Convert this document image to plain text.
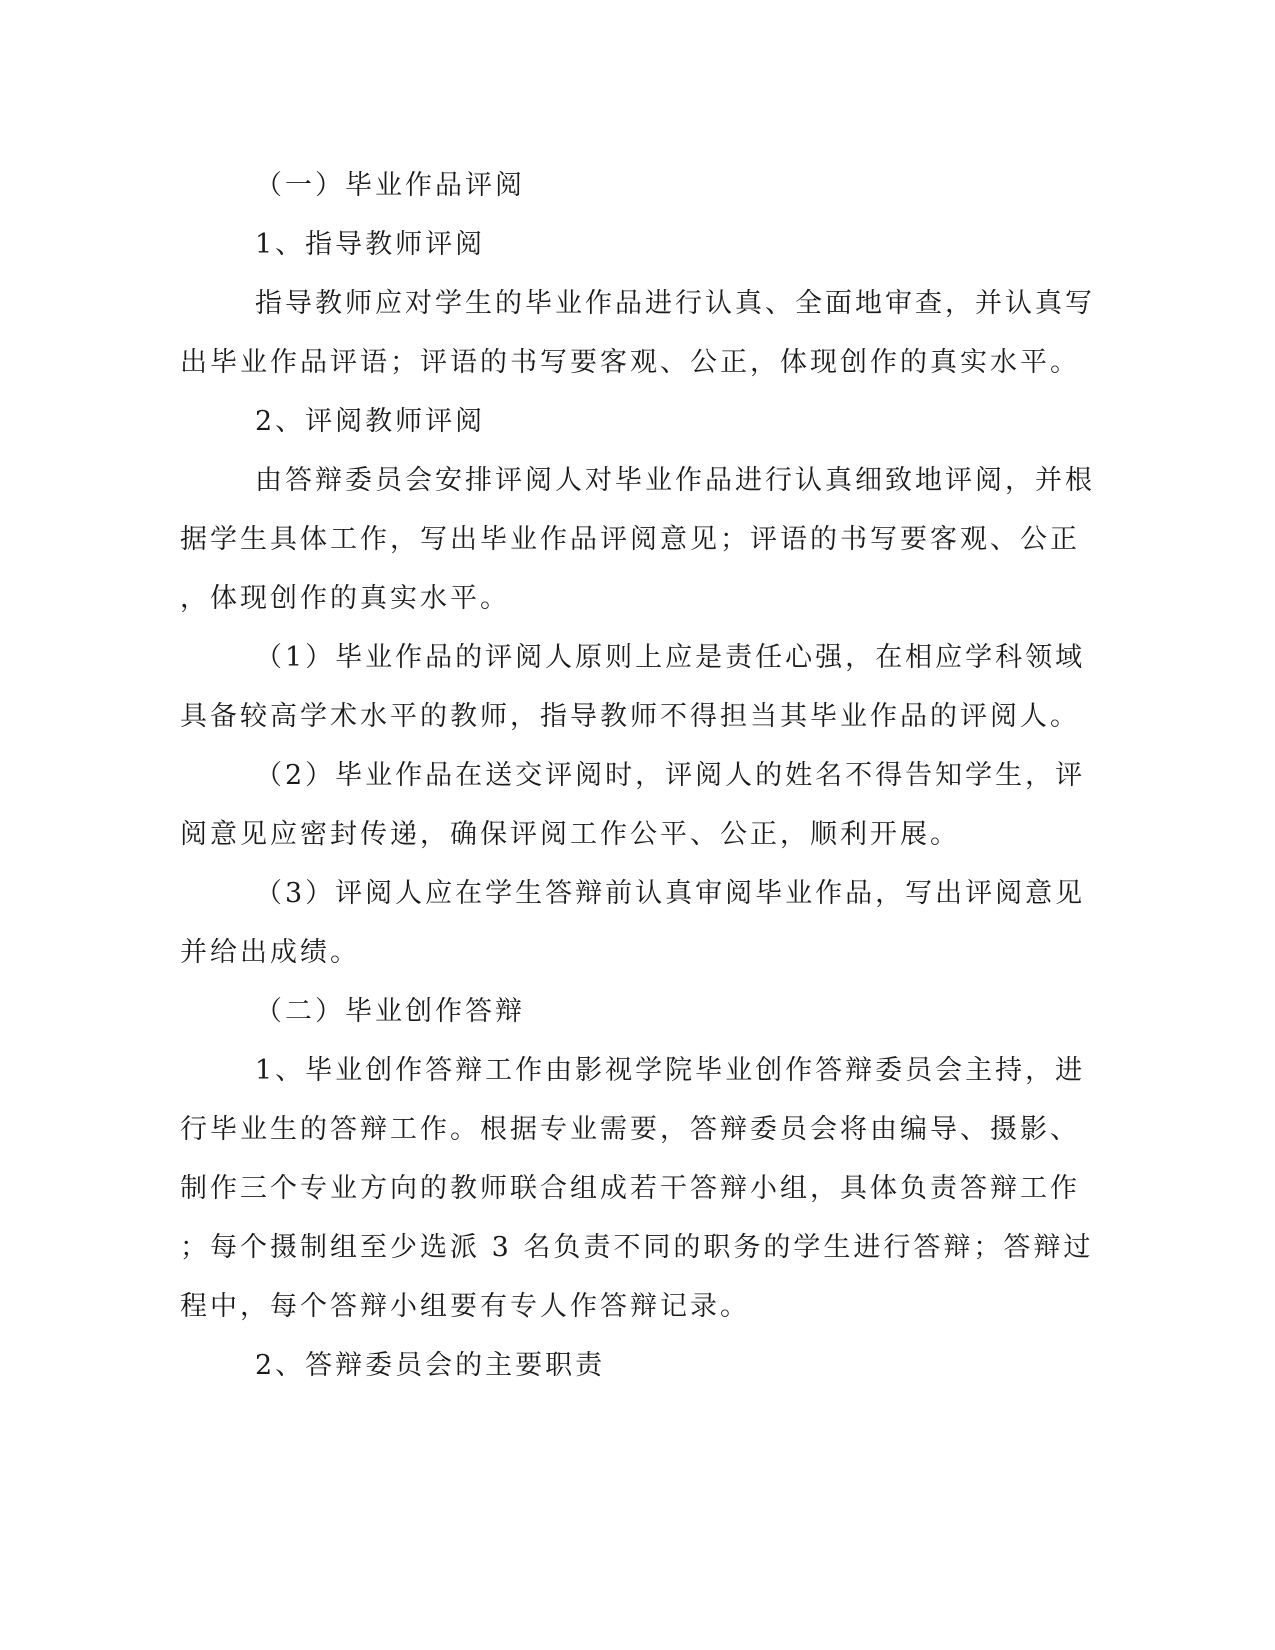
（一）毕业作品评阅
1、指导教师评阅
指导教师应对学生的毕业作品进行认真、全面地审查，并认真写
出毕业作品评语；评语的书写要客观、公正，体现创作的真实水平。
2、评阅教师评阅
由答辩委员会安排评阅人对毕业作品进行认真细致地评阅，并根
据学生具体工作，写出毕业作品评阅意见；评语的书写要客观、公正
，体现创作的真实水平。
（1）毕业作品的评阅人原则上应是责任心强，在相应学科领域
具备较高学术水平的教师，指导教师不得担当其毕业作品的评阅人。
（2）毕业作品在送交评阅时，评阅人的姓名不得告知学生，评
阅意见应密封传递，确保评阅工作公平、公正，顺利开展。
（3）评阅人应在学生答辩前认真审阅毕业作品，写出评阅意见
并给出成绩。
（二）毕业创作答辩
1、毕业创作答辩工作由影视学院毕业创作答辩委员会主持，进
行毕业生的答辩工作。根据专业需要，答辩委员会将由编导、摄影、
制作三个专业方向的教师联合组成若干答辩小组，具体负责答辩工作
；每个摄制组至少选派 3 名负责不同的职务的学生进行答辩；答辩过
程中，每个答辩小组要有专人作答辩记录。
2、答辩委员会的主要职责
